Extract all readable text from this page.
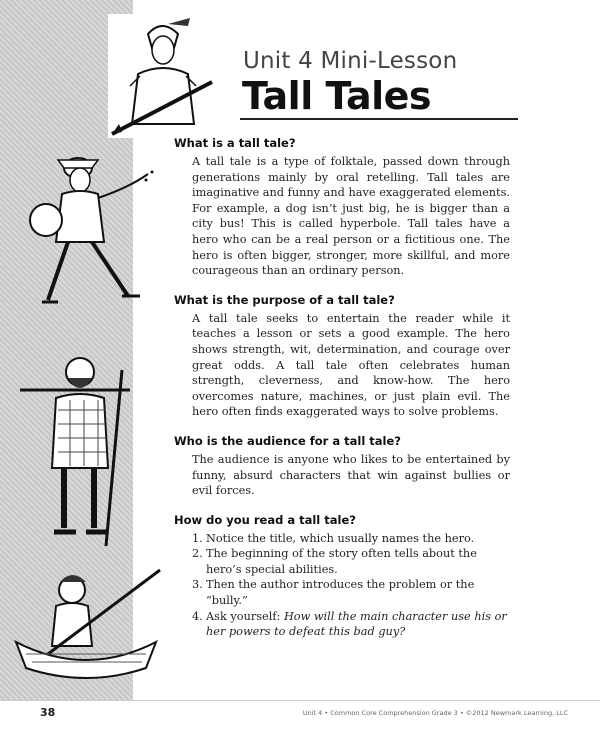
Unit 4 Mini-Lesson
Tall Tales

What is a tall tale?

A tall tale is a type of folktale, passed down through generations mainly by oral retelling. Tall tales are imaginative and funny and have exaggerated elements. For example, a dog isn’t just big, he is bigger than a city bus! This is called hyperbole. Tall tales have a hero who can be a real person or a fictitious one. The hero is often bigger, stronger, more skillful, and more courageous than an ordinary person.

What is the purpose of a tall tale?

A tall tale seeks to entertain the reader while it teaches a lesson or sets a good example. The hero shows strength, wit, determination, and courage over great odds. A tall tale often celebrates human strength, cleverness, and know-how. The hero overcomes nature, machines, or just plain evil. The hero often finds exaggerated ways to solve problems.

Who is the audience for a tall tale?

The audience is anyone who likes to be entertained by funny, absurd characters that win against bullies or evil forces.

How do you read a tall tale?

1. Notice the title, which usually names the hero.
2. The beginning of the story often tells about the hero’s special abilities.
3. Then the author introduces the problem or the “bully.”
4. Ask yourself: How will the main character use his or her powers to defeat this bad guy?
38	Unit 4 • Common Core Comprehension Grade 3 • ©2012 Newmark Learning, LLC
